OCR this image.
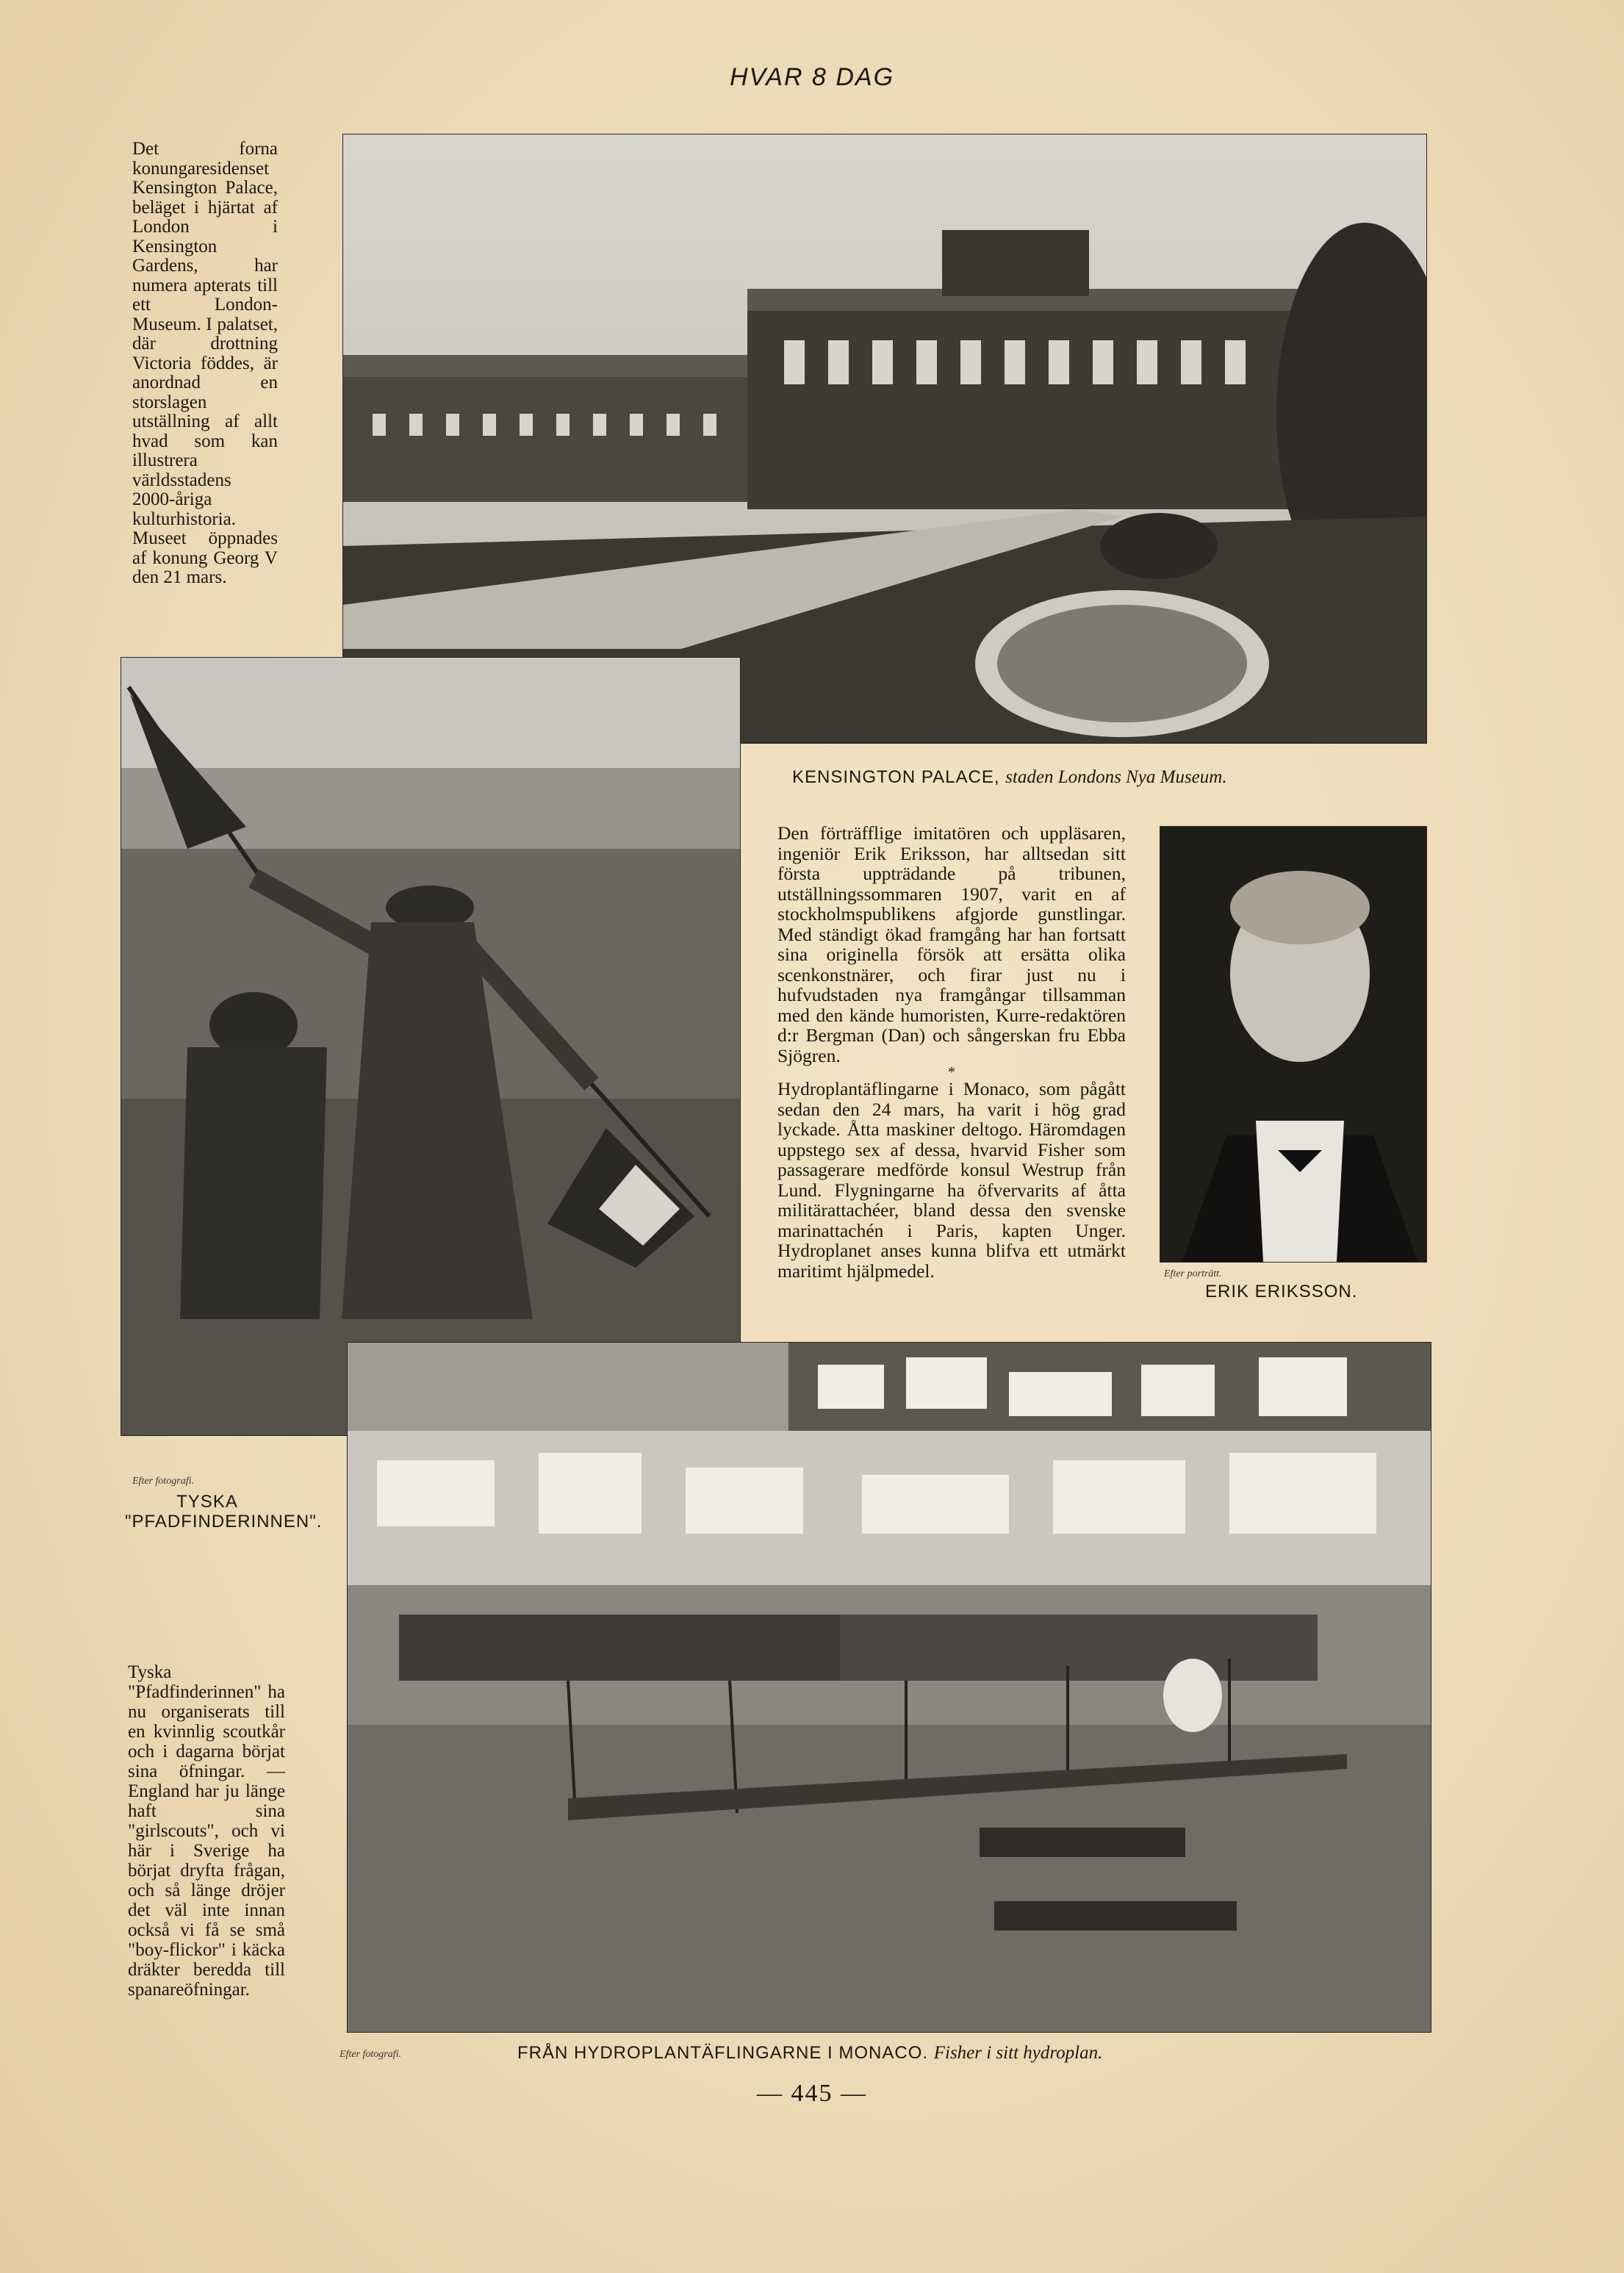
HVAR 8 DAG

Det forna konungaresidenset Kensington Palace, beläget i hjärtat af London i Kensington Gardens, har numera apterats till ett London-Museum. I palatset, där drottning Victoria föddes, är anordnad en storslagen utställning af allt hvad som kan illustrera världsstadens 2000-åriga kulturhistoria. Museet öppnades af konung Georg V den 21 mars.

KENSINGTON PALACE, staden Londons Nya Museum.

Den förträfflige imitatören och uppläsaren, ingeniör Erik Eriksson, har alltsedan sitt första uppträdande på tribunen, utställningssommaren 1907, varit en af stockholmspublikens afgjorde gunstlingar. Med ständigt ökad framgång har han fortsatt sina originella försök att ersätta olika scenkonstnärer, och firar just nu i hufvudstaden nya framgångar tillsamman med den kände humoristen, Kurre-redaktören d:r Bergman (Dan) och sångerskan fru Ebba Sjögren.

*

Hydroplantäflingarne i Monaco, som pågått sedan den 24 mars, ha varit i hög grad lyckade. Åtta maskiner deltogo. Häromdagen uppstego sex af dessa, hvarvid Fisher som passagerare medförde konsul Westrup från Lund. Flygningarne ha öfvervarits af åtta militärattachéer, bland dessa den svenske marinattachén i Paris, kapten Unger. Hydroplanet anses kunna blifva ett utmärkt maritimt hjälpmedel.	Efter porträtt.
ERIK ERIKSSON.
Efter fotografi.
TYSKA "PFADFINDERINNEN".

Tyska "Pfadfinderinnen" ha nu organiserats till en kvinnlig scoutkår och i dagarna börjat sina öfningar. — England har ju länge haft sina "girlscouts", och vi här i Sverige ha börjat dryfta frågan, och så länge dröjer det väl inte innan också vi få se små "boy-flickor" i käcka dräkter beredda till spanareöfningar.

Efter fotografi.	FRÅN HYDROPLANTÄFLINGARNE I MONACO. Fisher i sitt hydroplan.
— 445 —
